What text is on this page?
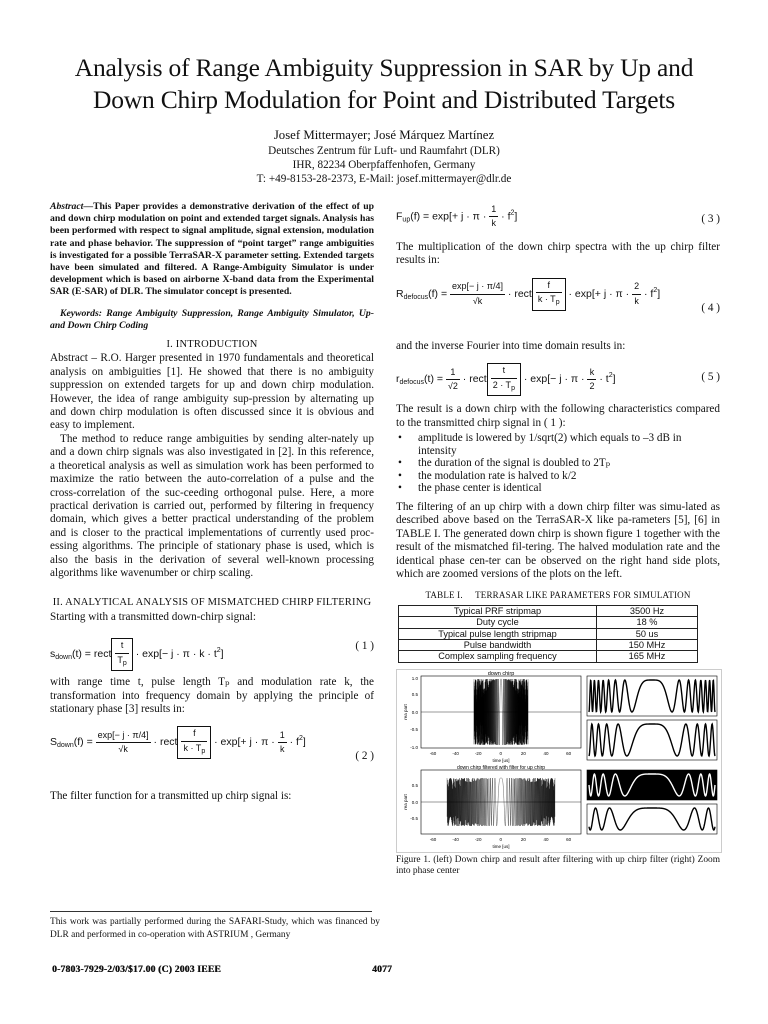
Analysis of Range Ambiguity Suppression in SAR by Up and
Down Chirp Modulation for Point and Distributed Targets
Josef Mittermayer; José Márquez Martínez
Deutsches Zentrum für Luft- und Raumfahrt (DLR)
IHR, 82234 Oberpfaffenhofen, Germany
T: +49-8153-28-2373, E-Mail: josef.mittermayer@dlr.de

Abstract—This Paper provides a demonstrative derivation of the effect of up and down chirp modulation on point and extended target signals. Analysis has been performed with respect to signal amplitude, signal extension, modulation rate and phase behavior. The suppression of “point target” range ambiguities is investigated for a possible TerraSAR-X parameter setting. Extended targets have been simulated and filtered. A Range-Ambiguity Simulator is under development which is based on airborne X-band data from the Experimental SAR (E-SAR) of DLR. The simulator concept is presented.

Keywords: Range Ambiguity Suppression, Range Ambiguity Simulator, Up- and Down Chirp Coding

I. INTRODUCTION

Abstract – R.O. Harger presented in 1970 fundamentals and theoretical analysis on ambiguities [1]. He showed that there is no ambiguity suppression on extended targets for up and down chirp modulation. However, the idea of range ambiguity sup-pression by alternating up and down chirp modulation is often discussed since it is obvious and easy to implement.

The method to reduce range ambiguities by sending alter-nately up and a down chirp signals was also investigated in [2]. In this reference, a theoretical analysis as well as simulation work has been performed to maximize the ratio between the auto-correlation of a pulse and the cross-correlation of the suc-ceeding orthogonal pulse. Here, a more practical derivation is carried out, performed by filtering in frequency domain, which gives a better practical understanding of the problem and is closer to the practical implementations of currently used proc-essing algorithms. The principle of stationary phase is used, which is also the basis in the derivation of several well-known processing algorithms like wavenumber or chirp scaling.

II. ANALYTICAL ANALYSIS OF MISMATCHED CHIRP FILTERING

Starting with a transmitted down-chirp signal:

$s_{down}(t)$ = rect $\frac{t}{T_p} \cdot \exp[- j \cdot \pi \cdot k \cdot t^2]$
( 1 )

with range time t, pulse length Tₚ and modulation rate k, the transformation into frequency domain by applying the principle of stationary phase [3] results in:

$S_{down}(f) = \frac{\exp[- j \cdot \pi/4]}{√k}$ · rect $\frac{f}{k \cdot T_p} \cdot \exp[+ j \cdot \pi \cdot \frac{1}{k} \cdot f^2]$
( 2 )

The filter function for a transmitted up chirp signal is:

$F_{up}(f) = \exp[+ j \cdot \pi \cdot \frac{1}{k} \cdot f^2]$	( 3 )

The multiplication of the down chirp spectra with the up chirp filter results in:

$R_{defocus}(f) = \frac{\exp[- j \cdot \pi/4]}{√k}$ · rect $\frac{f}{k \cdot T_p} \cdot \exp[+ j \cdot \pi \cdot \frac{2}{k} \cdot f^2]$
( 4 )

and the inverse Fourier into time domain results in:

$r_{defocus}(t) = \frac{1}{√2}$ · rect $\frac{t}{2 \cdot T_p} \cdot \exp[- j \cdot \pi \cdot \frac{k}{2} \cdot t^2]$	( 5 )

The result is a down chirp with the following characteristics compared to the transmitted chirp signal in ( 1 ):

• amplitude is lowered by 1/sqrt(2) which equals to –3 dB in intensity
• the duration of the signal is doubled to 2Tₚ
• the modulation rate is halved to k/2
• the phase center is identical

The filtering of an up chirp with a down chirp filter was simu-lated as described above based on the TerraSAR-X like pa-rameters [5], [6] in TABLE I. The generated down chirp is shown figure 1 together with the result of the mismatched fil-tering. The halved modulation rate and the identical phase cen-ter can be observed on the right hand side plots, which are zoomed versions of the plots on the left.

TABLE I. TERRASAR LIKE PARAMETERS FOR SIMULATION
Typical PRF stripmap	3500 Hz
Duty cycle	18 %
Typical pulse length stripmap	50 us
Pulse bandwidth	150 MHz
Complex sampling frequency	165 MHz
down chirp
rea part
1.0
0.5
0.0
-0.5
-1.0
-60	-40	-20	0	20	40	60
time [us]
down chirp filtered with filter for up chirp
rea part
0.5
0.0
-0.5
-60	-40	-20	0	20	40	60
time [us]

Figure 1. (left) Down chirp and result after filtering with up chirp filter (right) Zoom into phase center

This work was partially performed during the SAFARI-Study, which was financed by DLR and performed in co-operation with ASTRIUM , Germany

0-7803-7929-2/03/$17.00 (C) 2003 IEEE	4077
